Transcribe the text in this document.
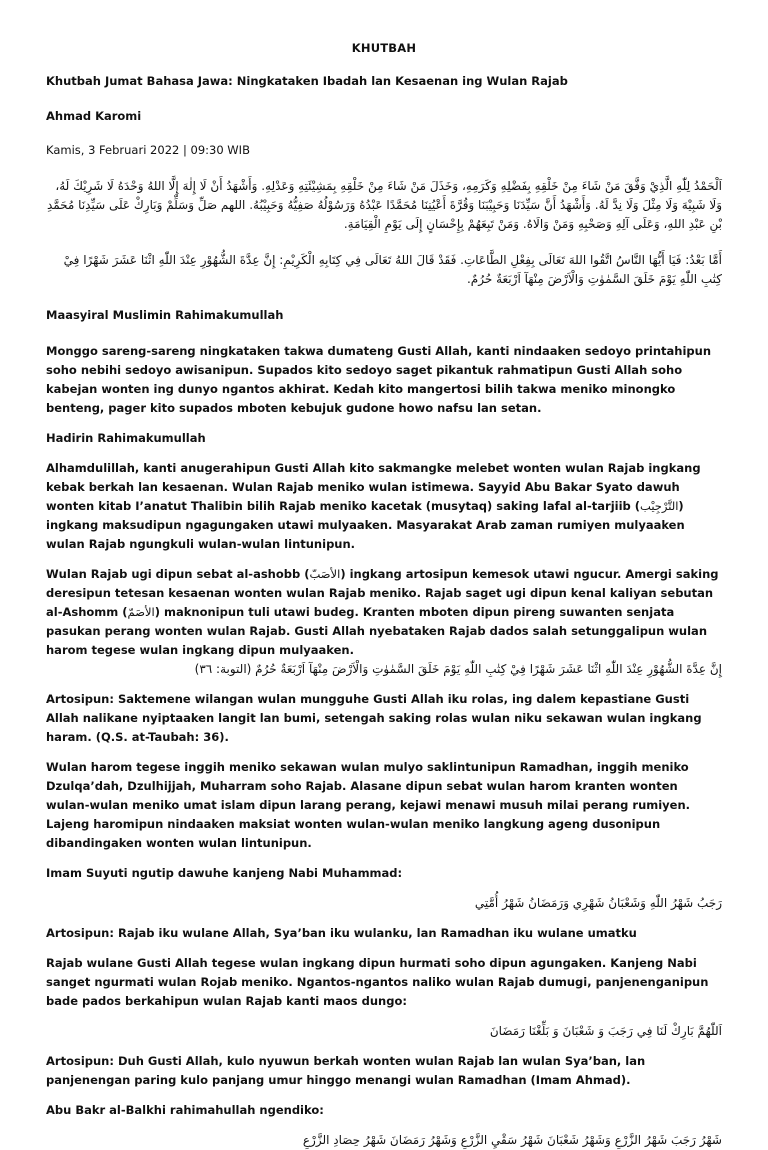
KHUTBAH

Khutbah Jumat Bahasa Jawa: Ningkataken Ibadah lan Kesaenan ing Wulan Rajab

Ahmad Karomi

Kamis, 3 Februari 2022 | 09:30 WIB

اَلْحَمْدُ لِلّٰهِ الَّذِيْ وَفَّقَ مَنْ شَاءَ مِنْ خَلْقِهِ بِفَضْلِهِ وَكَرَمِهِ، وَخَذَلَ مَنْ شَاءَ مِنْ خَلْقِهِ بِمَشِيْئَتِهِ وَعَدْلِهِ. وَأَشْهَدُ أَنْ لَا إِلٰهَ إِلَّا اللهُ وَحْدَهُ لَا شَرِيْكَ لَهُ، وَلَا شَبِيْهَ وَلَا مِثْلَ وَلَا نِدَّ لَهُ. وَأَشْهَدُ أَنَّ سَيِّدَنَا وَحَبِيْبَنَا وَقُرَّةَ أَعْيُنِنَا مُحَمَّدًا عَبْدُهُ وَرَسُوْلُهُ صَفِيُّهُ وَحَبِيْبُهُ. اللهم صَلِّ وَسَلِّمْ وَبَارِكْ عَلَى سَيِّدِنَا مُحَمَّدِ بْنِ عَبْدِ اللهِ، وَعَلَى آلِهِ وَصَحْبِهِ وَمَنْ وَالَاهُ. وَمَنْ تَبِعَهُمْ بِإِحْسَانٍ إِلَى يَوْمِ الْقِيَامَةِ.

أَمَّا بَعْدُ: فَيَا أَيُّهَا النَّاسُ اتَّقُوا اللهَ تَعَالَى بِفِعْلِ الطَّاعَاتِ. فَقَدْ قَالَ اللهُ تَعَالَى فِي كِتَابِهِ الْكَرِيْمِ: إِنَّ عِدَّةَ الشُّهُوْرِ عِنْدَ اللّٰهِ اثْنَا عَشَرَ شَهْرًا فِيْ كِتٰبِ اللّٰهِ يَوْمَ خَلَقَ السَّمٰوٰتِ وَالْاَرْضَ مِنْهَآ اَرْبَعَةٌ حُرُمٌ.

Maasyiral Muslimin Rahimakumullah

Monggo sareng-sareng ningkataken takwa dumateng Gusti Allah, kanti nindaaken sedoyo printahipun soho nebihi sedoyo awisanipun. Supados kito sedoyo saget pikantuk rahmatipun Gusti Allah soho kabejan wonten ing dunyo ngantos akhirat. Kedah kito mangertosi bilih takwa meniko minongko benteng, pager kito supados mboten kebujuk gudone howo nafsu lan setan.

Hadirin Rahimakumullah

Alhamdulillah, kanti anugerahipun Gusti Allah kito sakmangke melebet wonten wulan Rajab ingkang kebak berkah lan kesaenan. Wulan Rajab meniko wulan istimewa. Sayyid Abu Bakar Syato dawuh wonten kitab I’anatut Thalibin bilih Rajab meniko kacetak (musytaq) saking lafal al-tarjiib (التَّرْجِيْب) ingkang maksudipun ngagungaken utawi mulyaaken. Masyarakat Arab zaman rumiyen mulyaaken wulan Rajab ngungkuli wulan-wulan lintunipun.

Wulan Rajab ugi dipun sebat al-ashobb (الأصَبّ) ingkang artosipun kemesok utawi ngucur. Amergi saking deresipun tetesan kesaenan wonten wulan Rajab meniko. Rajab saget ugi dipun kenal kaliyan sebutan al-Ashomm (الأصَمّ) maknonipun tuli utawi budeg. Kranten mboten dipun pireng suwanten senjata pasukan perang wonten wulan Rajab. Gusti Allah nyebataken Rajab dados salah setunggalipun wulan harom tegese wulan ingkang dipun mulyaaken.

إِنَّ عِدَّةَ الشُّهُوْرِ عِنْدَ اللّٰهِ اثْنَا عَشَرَ شَهْرًا فِيْ كِتٰبِ اللّٰهِ يَوْمَ خَلَقَ السَّمٰوٰتِ وَالْاَرْضَ مِنْهَآ اَرْبَعَةٌ حُرُمٌ (التوبة: ٣٦)

Artosipun: Saktemene wilangan wulan mungguhe Gusti Allah iku rolas, ing dalem kepastiane Gusti Allah nalikane nyiptaaken langit lan bumi, setengah saking rolas wulan niku sekawan wulan ingkang haram. (Q.S. at-Taubah: 36).

Wulan harom tegese inggih meniko sekawan wulan mulyo saklintunipun Ramadhan, inggih meniko Dzulqa’dah, Dzulhijjah, Muharram soho Rajab. Alasane dipun sebat wulan harom kranten wonten wulan-wulan meniko umat islam dipun larang perang, kejawi menawi musuh milai perang rumiyen. Lajeng haromipun nindaaken maksiat wonten wulan-wulan meniko langkung ageng dusonipun dibandingaken wonten wulan lintunipun.

Imam Suyuti ngutip dawuhe kanjeng Nabi Muhammad:

رَجَبُ شَهْرُ اللّٰهِ وَشَعْبَانُ شَهْرِي وَرَمَضَانُ شَهْرُ أُمَّتِي

Artosipun: Rajab iku wulane Allah, Sya’ban iku wulanku, lan Ramadhan iku wulane umatku

Rajab wulane Gusti Allah tegese wulan ingkang dipun hurmati soho dipun agungaken. Kanjeng Nabi sanget ngurmati wulan Rojab meniko. Ngantos-ngantos naliko wulan Rajab dumugi, panjenenganipun bade pados berkahipun wulan Rajab kanti maos dungo:

اَللّٰهُمَّ بَارِكْ لَنَا فِي رَجَبَ وَ شَعْبَانَ وَ بَلِّغْنَا رَمَضَانَ

Artosipun: Duh Gusti Allah, kulo nyuwun berkah wonten wulan Rajab lan wulan Sya’ban, lan panjenengan paring kulo panjang umur hinggo menangi wulan Ramadhan (Imam Ahmad).

Abu Bakr al-Balkhi rahimahullah ngendiko:

شَهْرُ رَجَبَ شَهْرُ الزَّرْعِ وَشَهْرُ شَعْبَانَ شَهْرُ سَقْيِ الزَّرْعِ وَشَهْرُ رَمَضَانَ شَهْرُ حِصَادِ الزَّرْعِ
